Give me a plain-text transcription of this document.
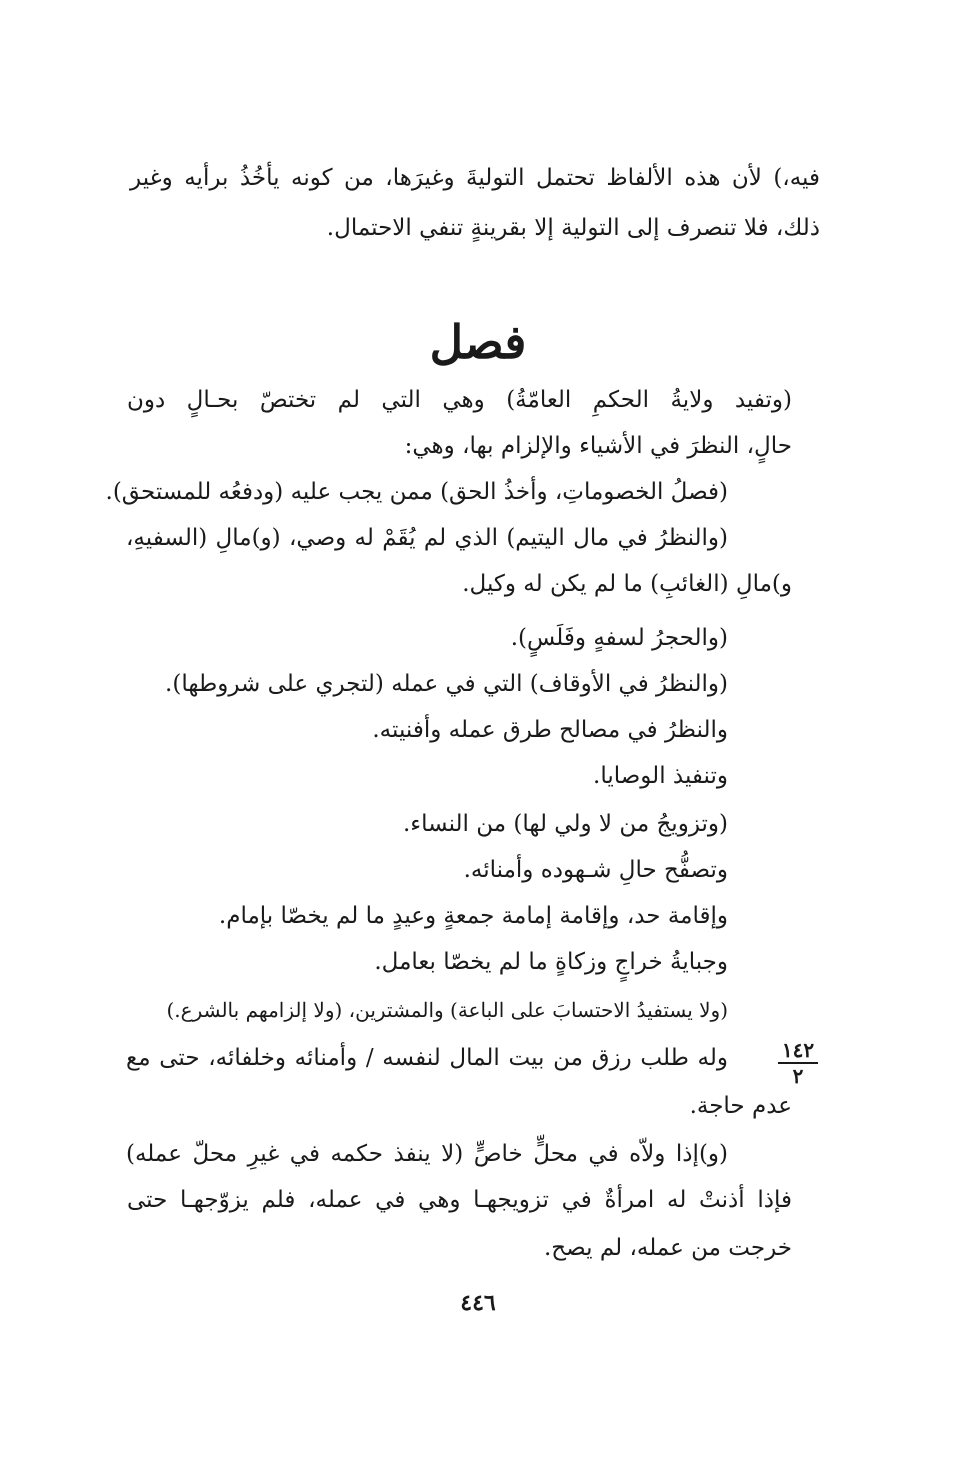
فيه،) لأن هذه الألفاظ تحتمل التوليةَ وغيرَها، من كونه يأخُذُ برأيه وغير
ذلك، فلا تنصرف إلى التولية إلا بقرينةٍ تنفي الاحتمال.
فصل
(وتفيد ولايةُ الحكمِ العامّةُ) وهي التي لم تختصّ بحـالٍ دون
حالٍ، النظرَ في الأشياء والإلزام بها، وهي:
(فصلُ الخصوماتِ، وأخذُ الحق) ممن يجب عليه (ودفعُه للمستحق).
(والنظرُ في مال اليتيم) الذي لم يُقَمْ له وصي، (و)مالِ (السفيهِ،
و)مالِ (الغائبِ) ما لم يكن له وكيل.
(والحجرُ لسفهٍ وفَلَسٍ).
(والنظرُ في الأوقاف) التي في عمله (لتجري على شروطها).
والنظرُ في مصالح طرق عمله وأفنيته.
وتنفيذ الوصايا.
(وتزويجُ من لا ولي لها) من النساء.
وتصفُّح حالِ شـهوده وأمنائه.
وإقامة حد، وإقامة إمامة جمعةٍ وعيدٍ ما لم يخصّا بإمام.
وجبايةُ خراجٍ وزكاةٍ ما لم يخصّا بعامل.
(ولا يستفيدُ الاحتسابَ على الباعة) والمشترين، (ولا إلزامهم بالشرع.)
وله طلب رزق من بيت المال لنفسه / وأمنائه وخلفائه، حتى مع
عدم حاجة.
(و)إذا ولاّه في محلٍّ خاصٍّ (لا ينفذ حكمه في غيرِ محلّ عمله)
فإذا أذنتْ له امرأةٌ في تزويجهـا وهي في عمله، فلم يزوّجهـا حتى
خرجت من عمله، لم يصح.
١٤٢
٢
٤٤٦
